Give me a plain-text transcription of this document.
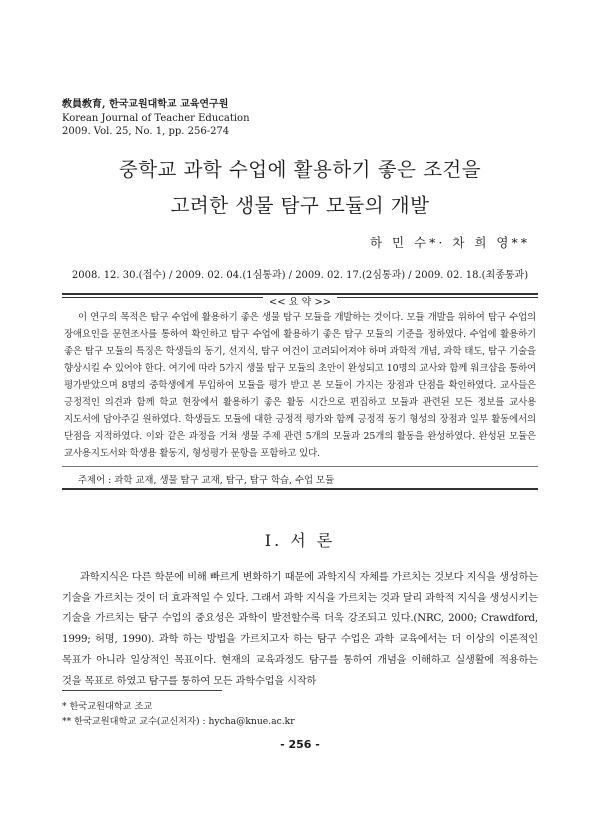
敎員敎育, 한국교원대학교 교육연구원
Korean Journal of Teacher Education
2009. Vol. 25, No. 1, pp. 256-274
중학교 과학 수업에 활용하기 좋은 조건을
고려한 생물 탐구 모듈의 개발
하 민 수*· 차 희 영**
2008. 12. 30.(접수) / 2009. 02. 04.(1심통과) / 2009. 02. 17.(2심통과) / 2009. 02. 18.(최종통과)
<< 요 약 >>
이 연구의 목적은 탐구 수업에 활용하기 좋은 생물 탐구 모듈을 개발하는 것이다. 모듈 개발을 위하여 탐구 수업의 장애요인을 문헌조사를 통하여 확인하고 탐구 수업에 활용하기 좋은 탐구 모듈의 기준을 정하였다. 수업에 활용하기 좋은 탐구 모듈의 특징은 학생들의 동기, 선지식, 탐구 여건이 고려되어져야 하며 과학적 개념, 과학 태도, 탐구 기술을 향상시킬 수 있어야 한다. 여기에 따라 5가지 생물 탐구 모듈의 초안이 완성되고 10명의 교사와 함께 워크샵을 통하여 평가받았으며 8명의 중학생에게 투입하여 모듈을 평가 받고 본 모듈이 가지는 장점과 단점을 확인하였다. 교사들은 긍정적인 의견과 함께 학교 현장에서 활용하기 좋은 활동 시간으로 편집하고 모듈과 관련된 모든 정보를 교사용 지도서에 담아주길 원하였다. 학생들도 모듈에 대한 긍정적 평가와 함께 긍정적 동기 형성의 장점과 일부 활동에서의 단점을 지적하였다. 이와 같은 과정을 거쳐 생물 주제 관련 5개의 모듈과 25개의 활동을 완성하였다. 완성된 모듈은 교사용지도서와 학생용 활동지, 형성평가 문항을 포함하고 있다.
주제어 : 과학 교재, 생물 탐구 교재, 탐구, 탐구 학습, 수업 모듈
Ⅰ. 서 론
과학지식은 다른 학문에 비해 빠르게 변화하기 때문에 과학지식 자체를 가르치는 것보다 지식을 생성하는 기술을 가르치는 것이 더 효과적일 수 있다. 그래서 과학 지식을 가르치는 것과 달리 과학적 지식을 생성시키는 기술을 가르치는 탐구 수업의 중요성은 과학이 발전할수록 더욱 강조되고 있다.(NRC, 2000; Crawdford, 1999; 허명, 1990). 과학 하는 방법을 가르치고자 하는 탐구 수업은 과학 교육에서는 더 이상의 이론적인 목표가 아니라 일상적인 목표이다. 현재의 교육과정도 탐구를 통하여 개념을 이해하고 실생활에 적용하는 것을 목표로 하였고 탐구를 통하여 모든 과학수업을 시작하
* 한국교원대학교 조교
** 한국교원대학교 교수(교신저자) : hycha@knue.ac.kr
- 256 -
